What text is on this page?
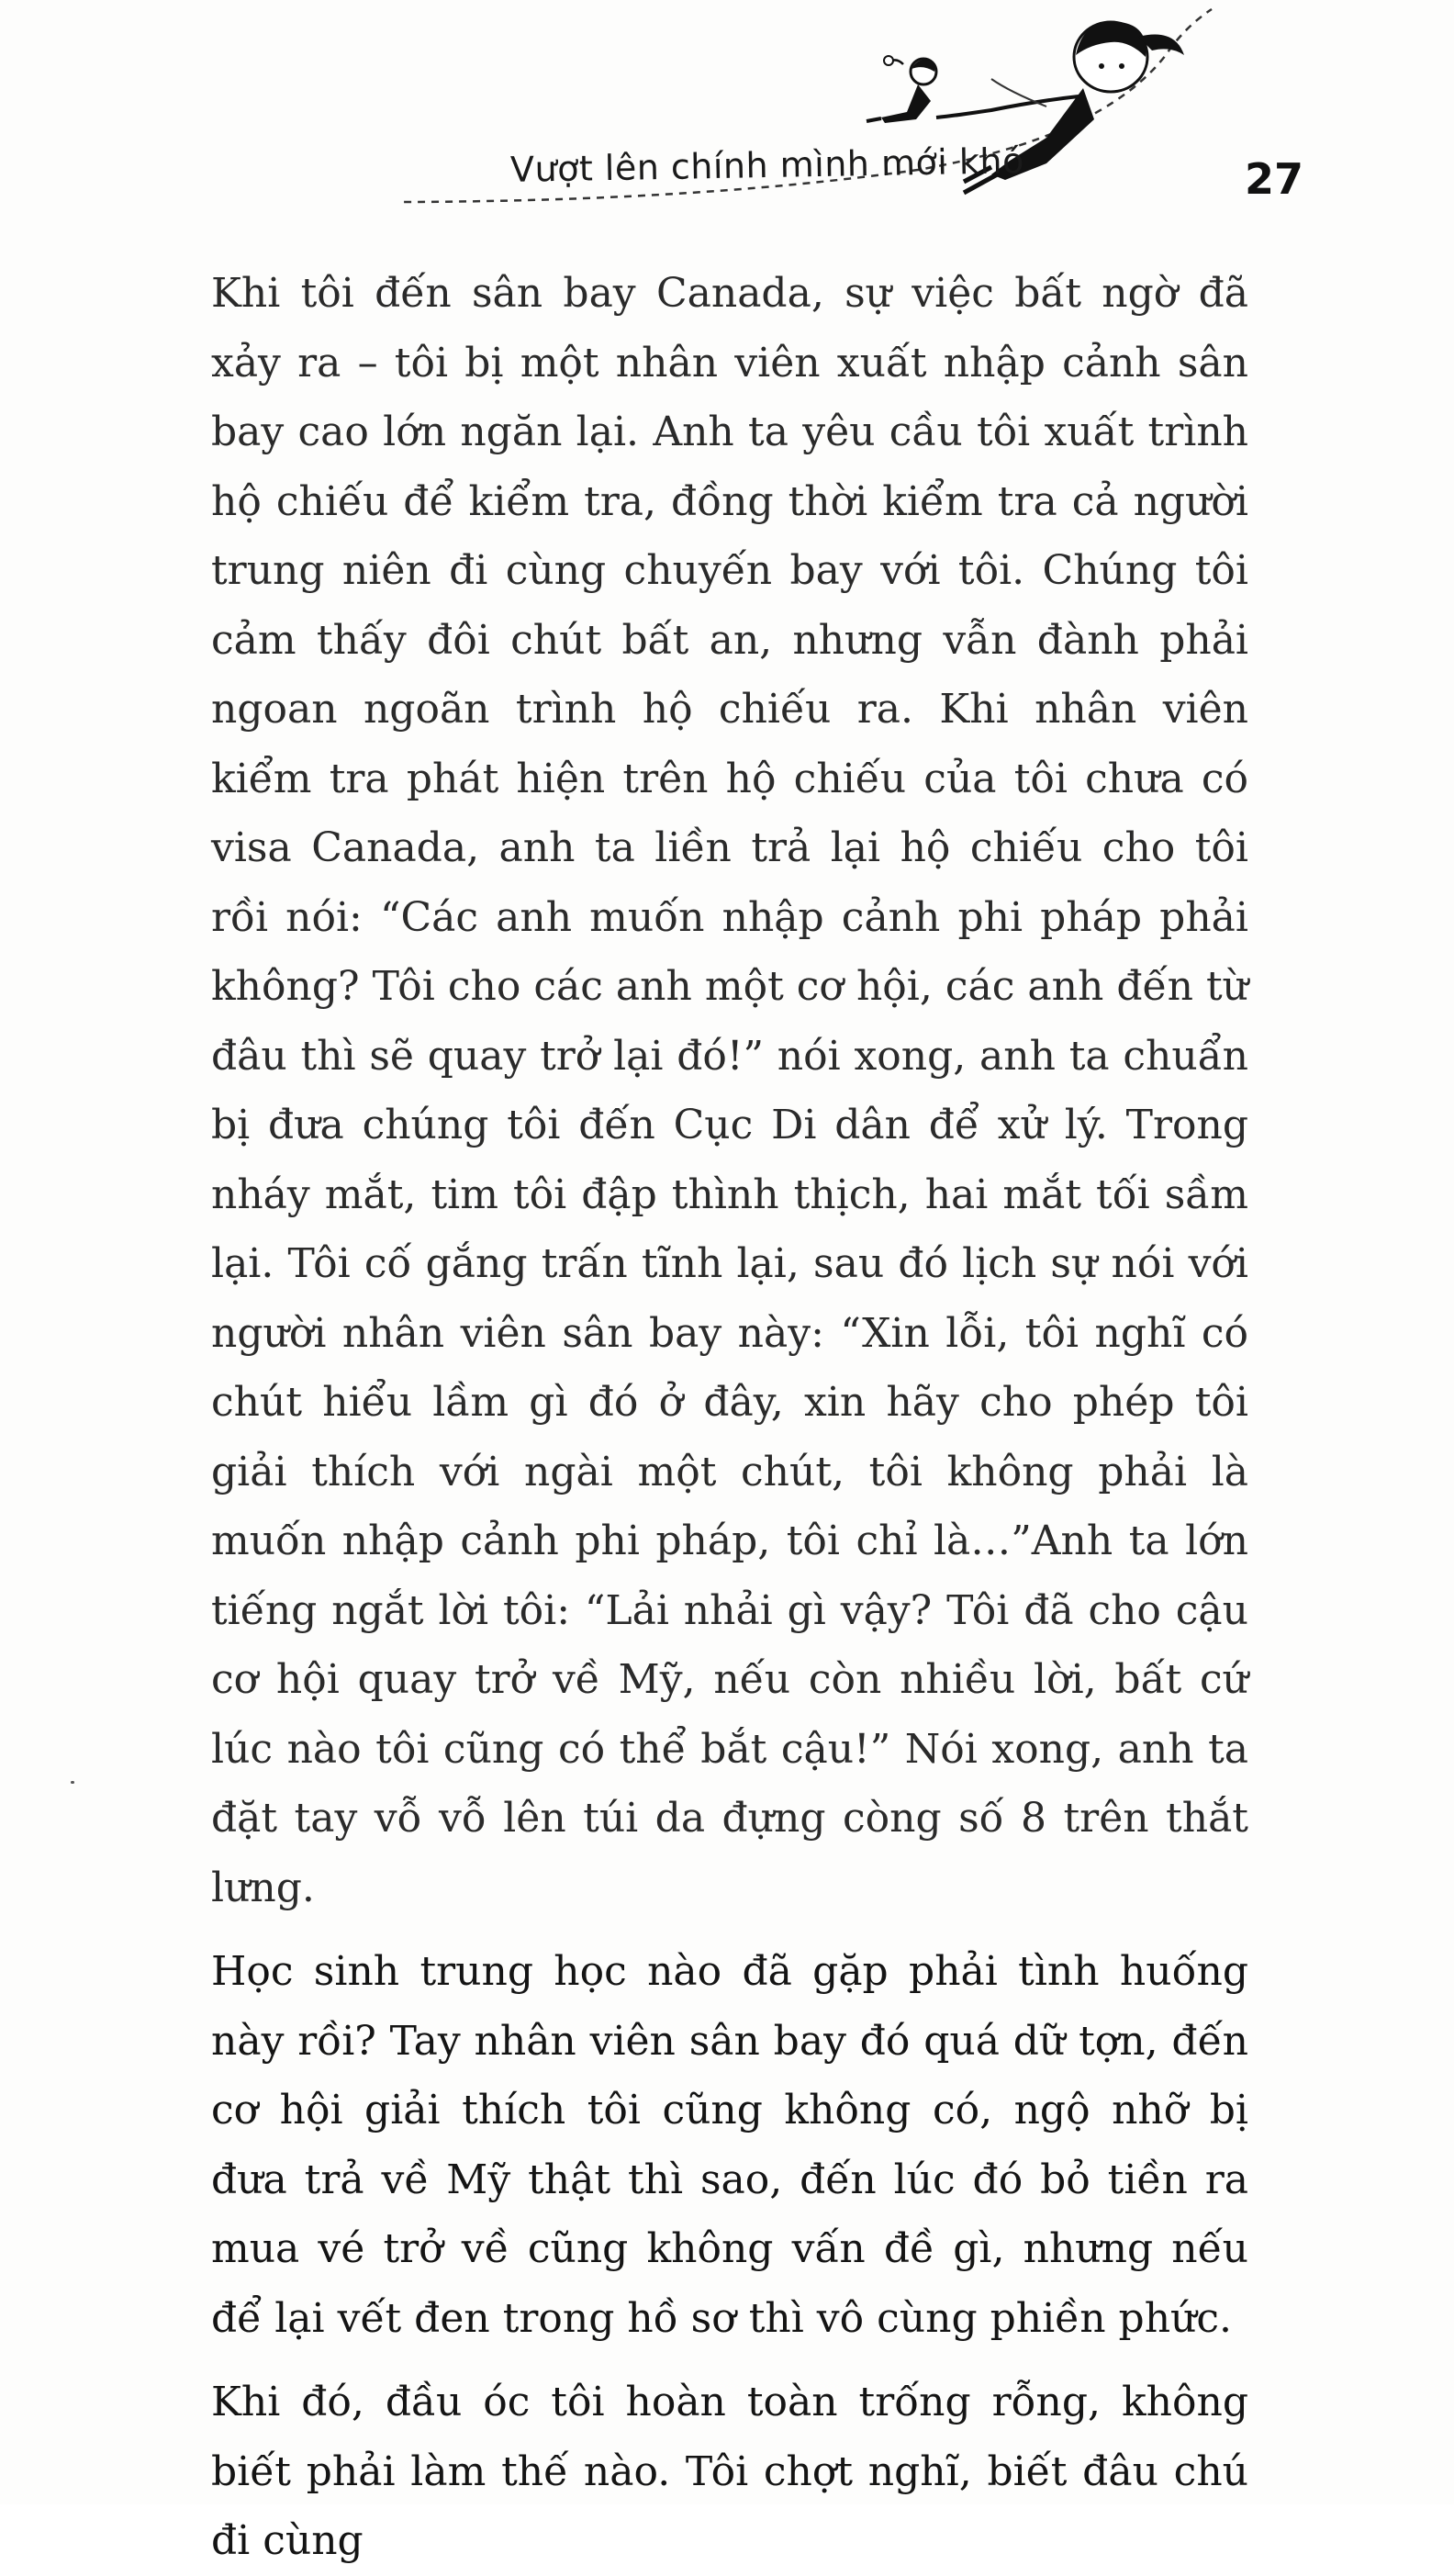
Vượt lên chính mình mới khó	27

Khi tôi đến sân bay Canada, sự việc bất ngờ đã xảy ra – tôi bị một nhân viên xuất nhập cảnh sân bay cao lớn ngăn lại. Anh ta yêu cầu tôi xuất trình hộ chiếu để kiểm tra, đồng thời kiểm tra cả người trung niên đi cùng chuyến bay với tôi. Chúng tôi cảm thấy đôi chút bất an, nhưng vẫn đành phải ngoan ngoãn trình hộ chiếu ra. Khi nhân viên kiểm tra phát hiện trên hộ chiếu của tôi chưa có visa Canada, anh ta liền trả lại hộ chiếu cho tôi rồi nói: “Các anh muốn nhập cảnh phi pháp phải không? Tôi cho các anh một cơ hội, các anh đến từ đâu thì sẽ quay trở lại đó!” nói xong, anh ta chuẩn bị đưa chúng tôi đến Cục Di dân để xử lý. Trong nháy mắt, tim tôi đập thình thịch, hai mắt tối sầm lại. Tôi cố gắng trấn tĩnh lại, sau đó lịch sự nói với người nhân viên sân bay này: “Xin lỗi, tôi nghĩ có chút hiểu lầm gì đó ở đây, xin hãy cho phép tôi giải thích với ngài một chút, tôi không phải là muốn nhập cảnh phi pháp, tôi chỉ là…”Anh ta lớn tiếng ngắt lời tôi: “Lải nhải gì vậy? Tôi đã cho cậu cơ hội quay trở về Mỹ, nếu còn nhiều lời, bất cứ lúc nào tôi cũng có thể bắt cậu!” Nói xong, anh ta đặt tay vỗ vỗ lên túi da đựng còng số 8 trên thắt lưng.

Học sinh trung học nào đã gặp phải tình huống này rồi? Tay nhân viên sân bay đó quá dữ tợn, đến cơ hội giải thích tôi cũng không có, ngộ nhỡ bị đưa trả về Mỹ thật thì sao, đến lúc đó bỏ tiền ra mua vé trở về cũng không vấn đề gì, nhưng nếu để lại vết đen trong hồ sơ thì vô cùng phiền phức.

Khi đó, đầu óc tôi hoàn toàn trống rỗng, không biết phải làm thế nào. Tôi chợt nghĩ, biết đâu chú đi cùng
